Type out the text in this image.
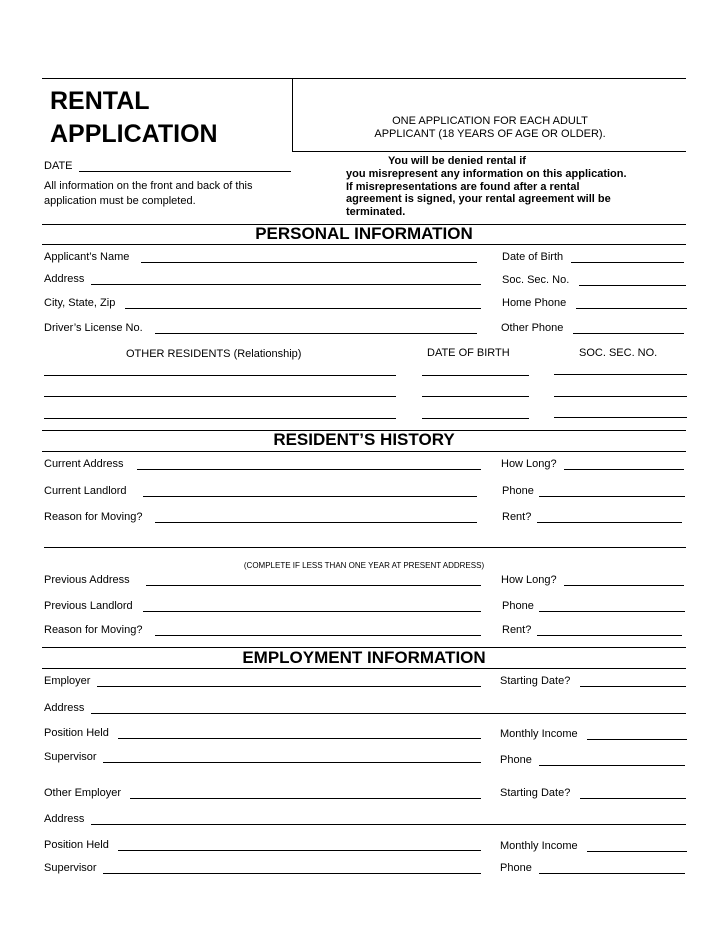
RENTAL
APPLICATION	ONE APPLICATION FOR EACH ADULT
APPLICANT (18 YEARS OF AGE OR OLDER).
DATE
All information on the front and back of this
application must be completed.
You will be denied rental if
you misrepresent any information on this application.
If misrepresentations are found after a rental
agreement is signed, your rental agreement will be
terminated.
PERSONAL INFORMATION
Applicant’s Name	Date of Birth
Address	Soc. Sec. No.
City, State, Zip	Home Phone
Driver’s License No.	Other Phone
OTHER RESIDENTS (Relationship)	DATE OF BIRTH	SOC. SEC. NO.
RESIDENT’S HISTORY
Current Address	How Long?
Current Landlord	Phone
Reason for Moving?	Rent?
(COMPLETE IF LESS THAN ONE YEAR AT PRESENT ADDRESS)
Previous Address	How Long?
Previous Landlord	Phone
Reason for Moving?	Rent?
EMPLOYMENT INFORMATION
Employer	Starting Date?
Address
Position Held	Monthly Income
Supervisor	Phone
Other Employer	Starting Date?
Address
Position Held	Monthly Income
Supervisor	Phone
